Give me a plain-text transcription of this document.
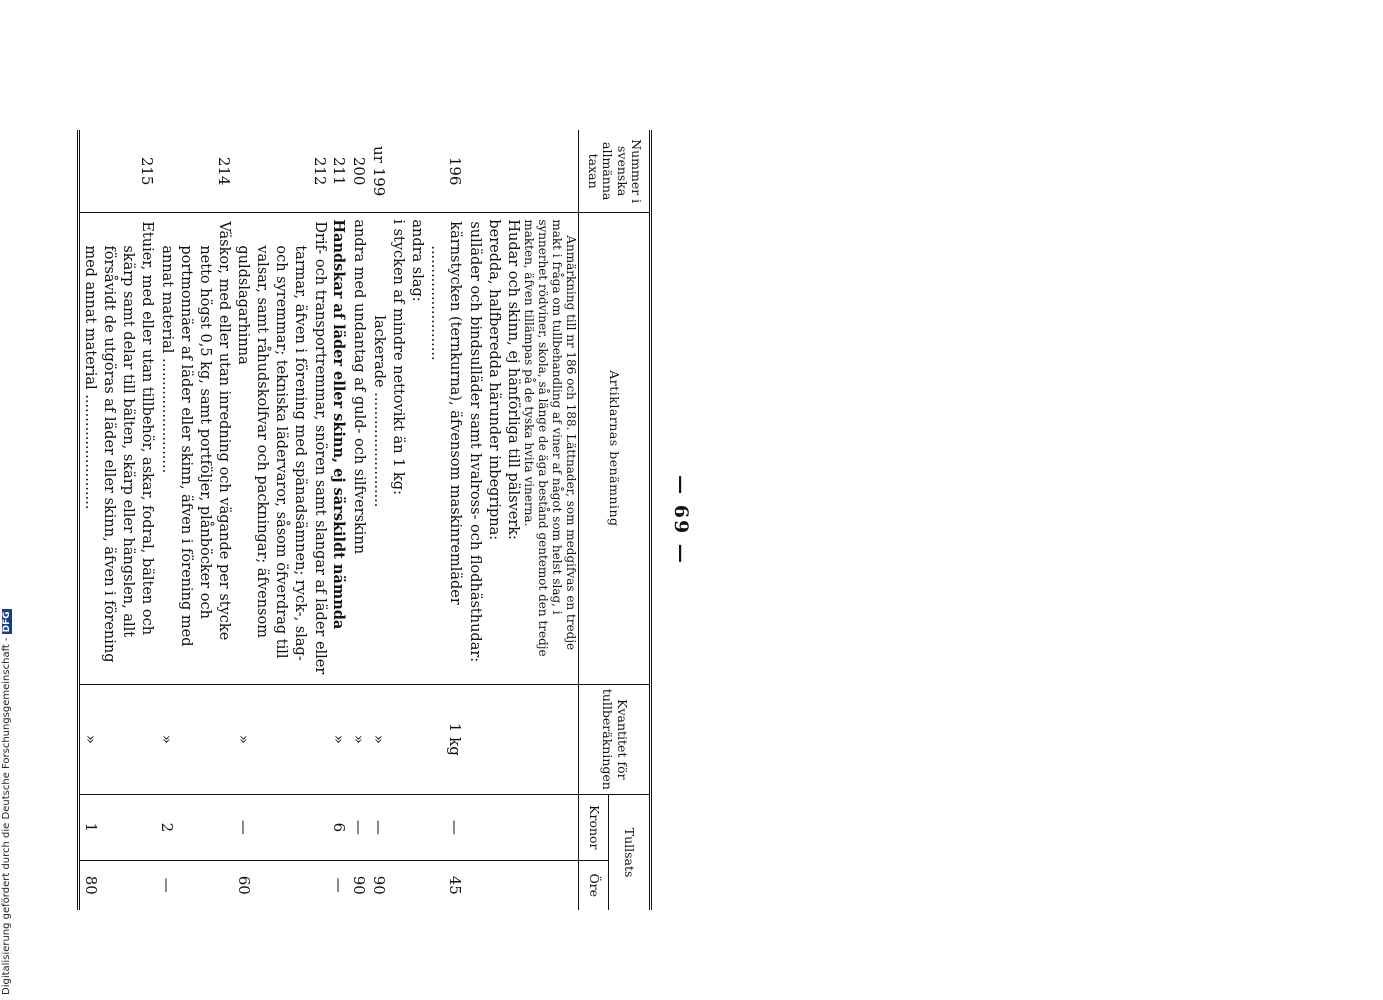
— 69 —
Nummer i svenska allmänna taxan	Artiklarnas benämning	Kvantitet för tullberäkningen	Tullsats	
			Kronor	Öre
	Anmärkning till nr 186 och 188. Lättnader, som medgifvas en tredje makt i fråga om tullbehandling af viner af något som helst slag, i synnerhet rödviner, skola, så länge de äga bestånd gentemot den tredje makten, äfven tillämpas på de tyska hvita vinerna.			
	Hudar och skinn, ej hänförliga till pälsverk:			
	beredda, halfberedda härunder inbegripna:			
	sulläder och bindsulläder samt hvalross- och flodhästhudar:			
196	kärnstycken (ternkurna), äfvensom maskinremläder .........................	1 kg	—	45
	andra slag:			
	i stycken af mindre nettovikt än 1 kg:			
ur 199	lackerade .........................	»	—	90
200	andra med undantag af guld- och silfverskinn	»	—	90
211	Handskar af läder eller skinn, ej särskildt nämnda	»	6	—
212	Drif- och transportremmar, snören samt slangar af läder eller tarmar, äfven i förening med spänadsämnen; ryck-, slag- och syremmar; tekniska lädervaror, såsom öfverdrag till valsar, samt råhudskolfvar och packningar; äfvensom guldslagarhinna	»	—	60
214	Väskor, med eller utan inredning och vägande per stycke netto högst 0,5 kg, samt portföljer, plånböcker och portmonnäer af läder eller skinn, äfven i förening med annat material .........................	»	2	—
215	Etuier, med eller utan tillbehör, askar, fodral, bälten och skärp samt delar till bälten, skärp eller hängslen, allt försåvidt de utgöras af läder eller skinn, äfven i förening med annat material .........................	»	1	80
Digitalisierung gefördert durch die Deutsche Forschungsgemeinschaft -DFG
